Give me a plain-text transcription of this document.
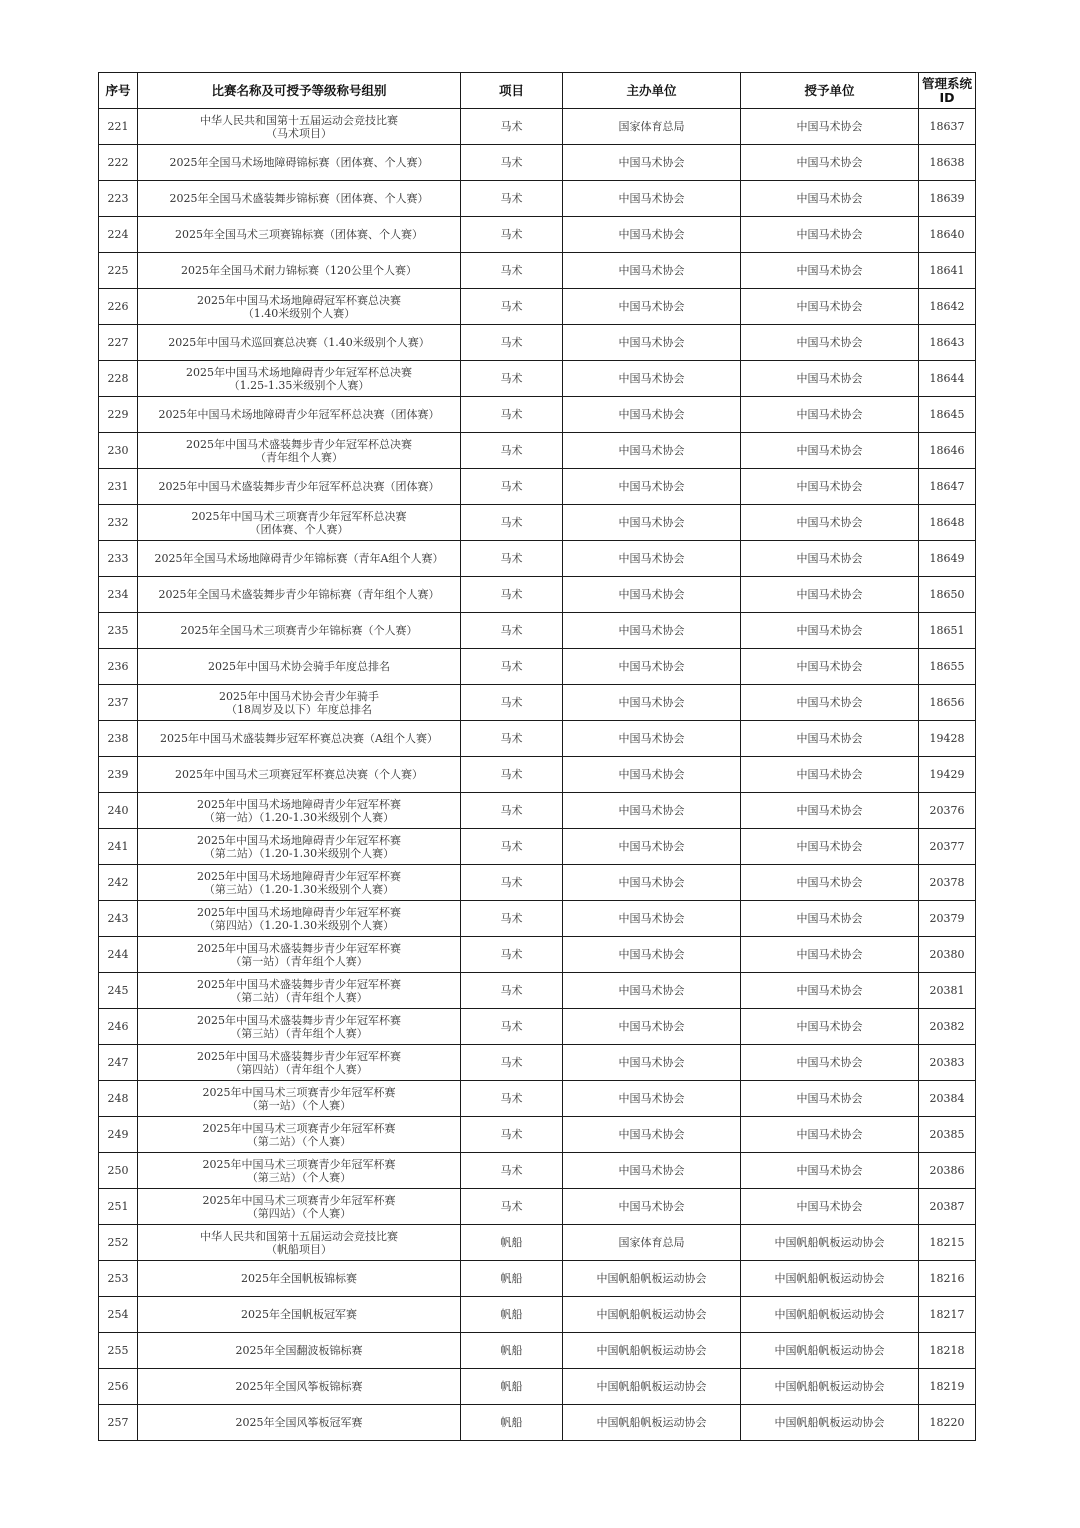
序号	比赛名称及可授予等级称号组别	项目	主办单位	授予单位	管理系统
ID
221	中华人民共和国第十五届运动会竞技比赛
（马术项目）	马术	国家体育总局	中国马术协会	18637
222	2025年全国马术场地障碍锦标赛（团体赛、个人赛）	马术	中国马术协会	中国马术协会	18638
223	2025年全国马术盛装舞步锦标赛（团体赛、个人赛）	马术	中国马术协会	中国马术协会	18639
224	2025年全国马术三项赛锦标赛（团体赛、个人赛）	马术	中国马术协会	中国马术协会	18640
225	2025年全国马术耐力锦标赛（120公里个人赛）	马术	中国马术协会	中国马术协会	18641
226	2025年中国马术场地障碍冠军杯赛总决赛
（1.40米级别个人赛）	马术	中国马术协会	中国马术协会	18642
227	2025年中国马术巡回赛总决赛（1.40米级别个人赛）	马术	中国马术协会	中国马术协会	18643
228	2025年中国马术场地障碍青少年冠军杯总决赛
（1.25-1.35米级别个人赛）	马术	中国马术协会	中国马术协会	18644
229	2025年中国马术场地障碍青少年冠军杯总决赛（团体赛）	马术	中国马术协会	中国马术协会	18645
230	2025年中国马术盛装舞步青少年冠军杯总决赛
（青年组个人赛）	马术	中国马术协会	中国马术协会	18646
231	2025年中国马术盛装舞步青少年冠军杯总决赛（团体赛）	马术	中国马术协会	中国马术协会	18647
232	2025年中国马术三项赛青少年冠军杯总决赛
（团体赛、个人赛）	马术	中国马术协会	中国马术协会	18648
233	2025年全国马术场地障碍青少年锦标赛（青年A组个人赛）	马术	中国马术协会	中国马术协会	18649
234	2025年全国马术盛装舞步青少年锦标赛（青年组个人赛）	马术	中国马术协会	中国马术协会	18650
235	2025年全国马术三项赛青少年锦标赛（个人赛）	马术	中国马术协会	中国马术协会	18651
236	2025年中国马术协会骑手年度总排名	马术	中国马术协会	中国马术协会	18655
237	2025年中国马术协会青少年骑手
（18周岁及以下）年度总排名	马术	中国马术协会	中国马术协会	18656
238	2025年中国马术盛装舞步冠军杯赛总决赛（A组个人赛）	马术	中国马术协会	中国马术协会	19428
239	2025年中国马术三项赛冠军杯赛总决赛（个人赛）	马术	中国马术协会	中国马术协会	19429
240	2025年中国马术场地障碍青少年冠军杯赛
（第一站）（1.20-1.30米级别个人赛）	马术	中国马术协会	中国马术协会	20376
241	2025年中国马术场地障碍青少年冠军杯赛
（第二站）（1.20-1.30米级别个人赛）	马术	中国马术协会	中国马术协会	20377
242	2025年中国马术场地障碍青少年冠军杯赛
（第三站）（1.20-1.30米级别个人赛）	马术	中国马术协会	中国马术协会	20378
243	2025年中国马术场地障碍青少年冠军杯赛
（第四站）（1.20-1.30米级别个人赛）	马术	中国马术协会	中国马术协会	20379
244	2025年中国马术盛装舞步青少年冠军杯赛
（第一站）（青年组个人赛）	马术	中国马术协会	中国马术协会	20380
245	2025年中国马术盛装舞步青少年冠军杯赛
（第二站）（青年组个人赛）	马术	中国马术协会	中国马术协会	20381
246	2025年中国马术盛装舞步青少年冠军杯赛
（第三站）（青年组个人赛）	马术	中国马术协会	中国马术协会	20382
247	2025年中国马术盛装舞步青少年冠军杯赛
（第四站）（青年组个人赛）	马术	中国马术协会	中国马术协会	20383
248	2025年中国马术三项赛青少年冠军杯赛
（第一站）（个人赛）	马术	中国马术协会	中国马术协会	20384
249	2025年中国马术三项赛青少年冠军杯赛
（第二站）（个人赛）	马术	中国马术协会	中国马术协会	20385
250	2025年中国马术三项赛青少年冠军杯赛
（第三站）（个人赛）	马术	中国马术协会	中国马术协会	20386
251	2025年中国马术三项赛青少年冠军杯赛
（第四站）（个人赛）	马术	中国马术协会	中国马术协会	20387
252	中华人民共和国第十五届运动会竞技比赛
（帆船项目）	帆船	国家体育总局	中国帆船帆板运动协会	18215
253	2025年全国帆板锦标赛	帆船	中国帆船帆板运动协会	中国帆船帆板运动协会	18216
254	2025年全国帆板冠军赛	帆船	中国帆船帆板运动协会	中国帆船帆板运动协会	18217
255	2025年全国翻波板锦标赛	帆船	中国帆船帆板运动协会	中国帆船帆板运动协会	18218
256	2025年全国风筝板锦标赛	帆船	中国帆船帆板运动协会	中国帆船帆板运动协会	18219
257	2025年全国风筝板冠军赛	帆船	中国帆船帆板运动协会	中国帆船帆板运动协会	18220
